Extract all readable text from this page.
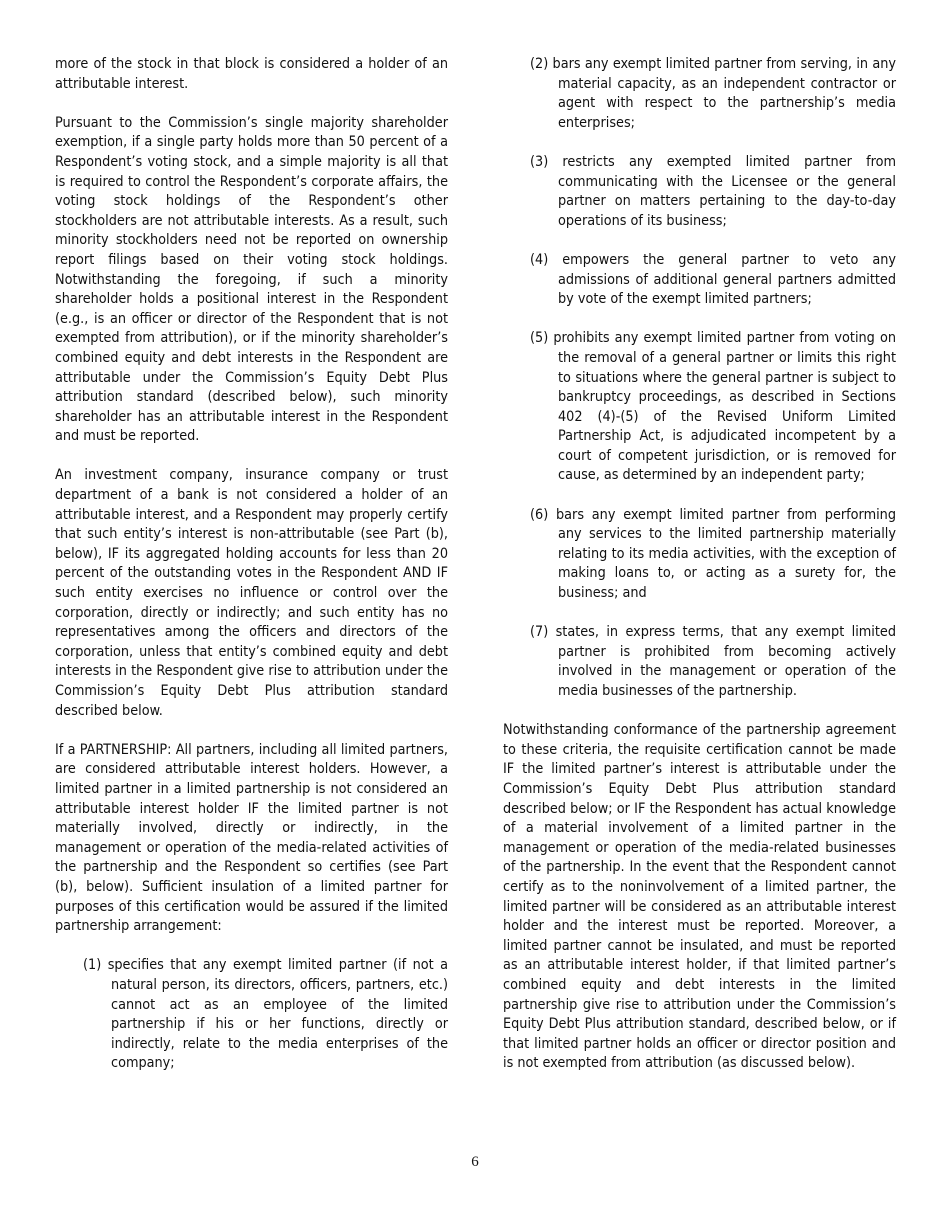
more of the stock in that block is considered a holder of an attributable interest.

Pursuant to the Commission’s single majority shareholder exemption, if a single party holds more than 50 percent of a Respondent’s voting stock, and a simple majority is all that is required to control the Respondent’s corporate affairs, the voting stock holdings of the Respondent’s other stockholders are not attributable interests. As a result, such minority stockholders need not be reported on ownership report filings based on their voting stock holdings. Notwithstanding the foregoing, if such a minority shareholder holds a positional interest in the Respondent (e.g., is an officer or director of the Respondent that is not exempted from attribution), or if the minority shareholder’s combined equity and debt interests in the Respondent are attributable under the Commission’s Equity Debt Plus attribution standard (described below), such minority shareholder has an attributable interest in the Respondent and must be reported.

An investment company, insurance company or trust department of a bank is not considered a holder of an attributable interest, and a Respondent may properly certify that such entity’s interest is non-attributable (see Part (b), below), IF its aggregated holding accounts for less than 20 percent of the outstanding votes in the Respondent AND IF such entity exercises no influence or control over the corporation, directly or indirectly; and such entity has no representatives among the officers and directors of the corporation, unless that entity’s combined equity and debt interests in the Respondent give rise to attribution under the Commission’s Equity Debt Plus attribution standard described below.

If a PARTNERSHIP: All partners, including all limited partners, are considered attributable interest holders. However, a limited partner in a limited partnership is not considered an attributable interest holder IF the limited partner is not materially involved, directly or indirectly, in the management or operation of the media-related activities of the partnership and the Respondent so certifies (see Part (b), below). Sufficient insulation of a limited partner for purposes of this certification would be assured if the limited partnership arrangement:

(1) specifies that any exempt limited partner (if not a natural person, its directors, officers, partners, etc.) cannot act as an employee of the limited partnership if his or her functions, directly or indirectly, relate to the media enterprises of the company;
(2) bars any exempt limited partner from serving, in any material capacity, as an independent contractor or agent with respect to the partnership’s media enterprises;
(3) restricts any exempted limited partner from communicating with the Licensee or the general partner on matters pertaining to the day-to-day operations of its business;
(4) empowers the general partner to veto any admissions of additional general partners admitted by vote of the exempt limited partners;
(5) prohibits any exempt limited partner from voting on the removal of a general partner or limits this right to situations where the general partner is subject to bankruptcy proceedings, as described in Sections 402 (4)-(5) of the Revised Uniform Limited Partnership Act, is adjudicated incompetent by a court of competent jurisdiction, or is removed for cause, as determined by an independent party;
(6) bars any exempt limited partner from performing any services to the limited partnership materially relating to its media activities, with the exception of making loans to, or acting as a surety for, the business; and
(7) states, in express terms, that any exempt limited partner is prohibited from becoming actively involved in the management or operation of the media businesses of the partnership.

Notwithstanding conformance of the partnership agreement to these criteria, the requisite certification cannot be made IF the limited partner’s interest is attributable under the Commission’s Equity Debt Plus attribution standard described below; or IF the Respondent has actual knowledge of a material involvement of a limited partner in the management or operation of the media-related businesses of the partnership. In the event that the Respondent cannot certify as to the noninvolvement of a limited partner, the limited partner will be considered as an attributable interest holder and the interest must be reported. Moreover, a limited partner cannot be insulated, and must be reported as an attributable interest holder, if that limited partner’s combined equity and debt interests in the limited partnership give rise to attribution under the Commission’s Equity Debt Plus attribution standard, described below, or if that limited partner holds an officer or director position and is not exempted from attribution (as discussed below).

6
